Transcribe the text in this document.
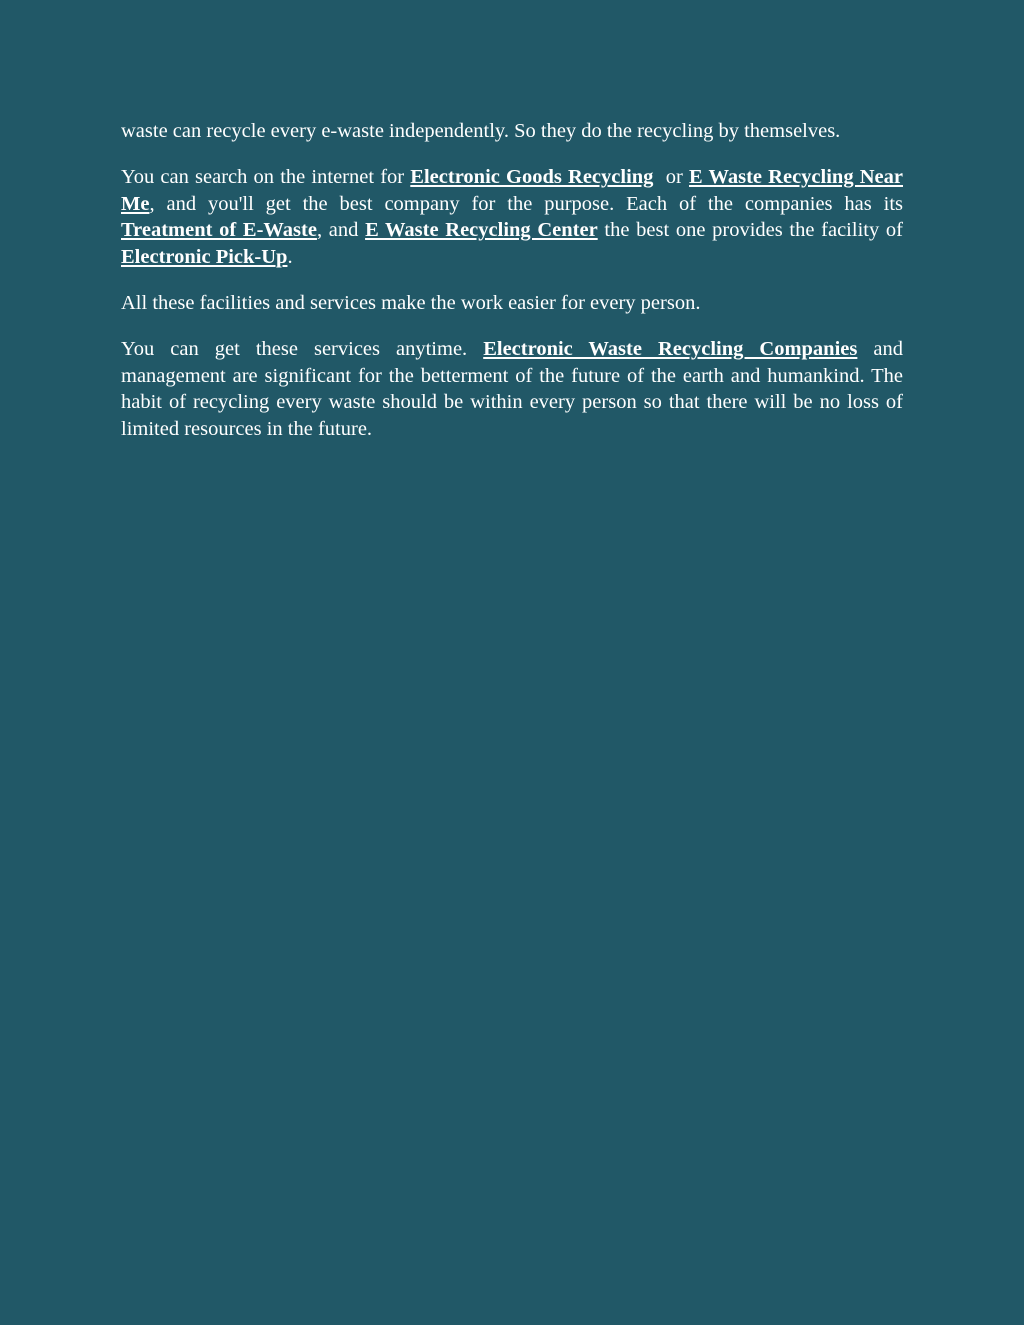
waste can recycle every e-waste independently. So they do the recycling by themselves.

You can search on the internet for Electronic Goods Recycling  or E Waste Recycling Near Me, and you'll get the best company for the purpose. Each of the companies has its  Treatment of E-Waste, and E Waste Recycling Center the best one provides the facility of Electronic Pick-Up.

All these facilities and services make the work easier for every person.

You can get these services anytime. Electronic Waste Recycling Companies and management are significant for the betterment of the future of the earth and humankind. The habit of recycling every waste should be within every person so that there will be no loss of limited resources in the future.
